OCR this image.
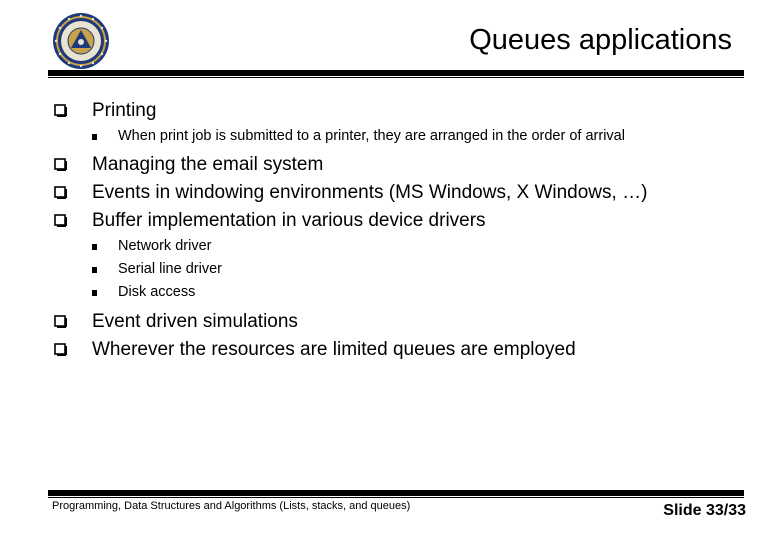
Queues applications
Printing
When print job is submitted to a printer, they are arranged in the order of arrival
Managing the email system
Events in windowing environments (MS Windows, X Windows, …)
Buffer implementation in various device drivers
Network driver
Serial line driver
Disk access
Event driven simulations
Wherever the resources are limited queues are employed
Programming, Data Structures and Algorithms (Lists, stacks, and queues)	Slide 33/33
